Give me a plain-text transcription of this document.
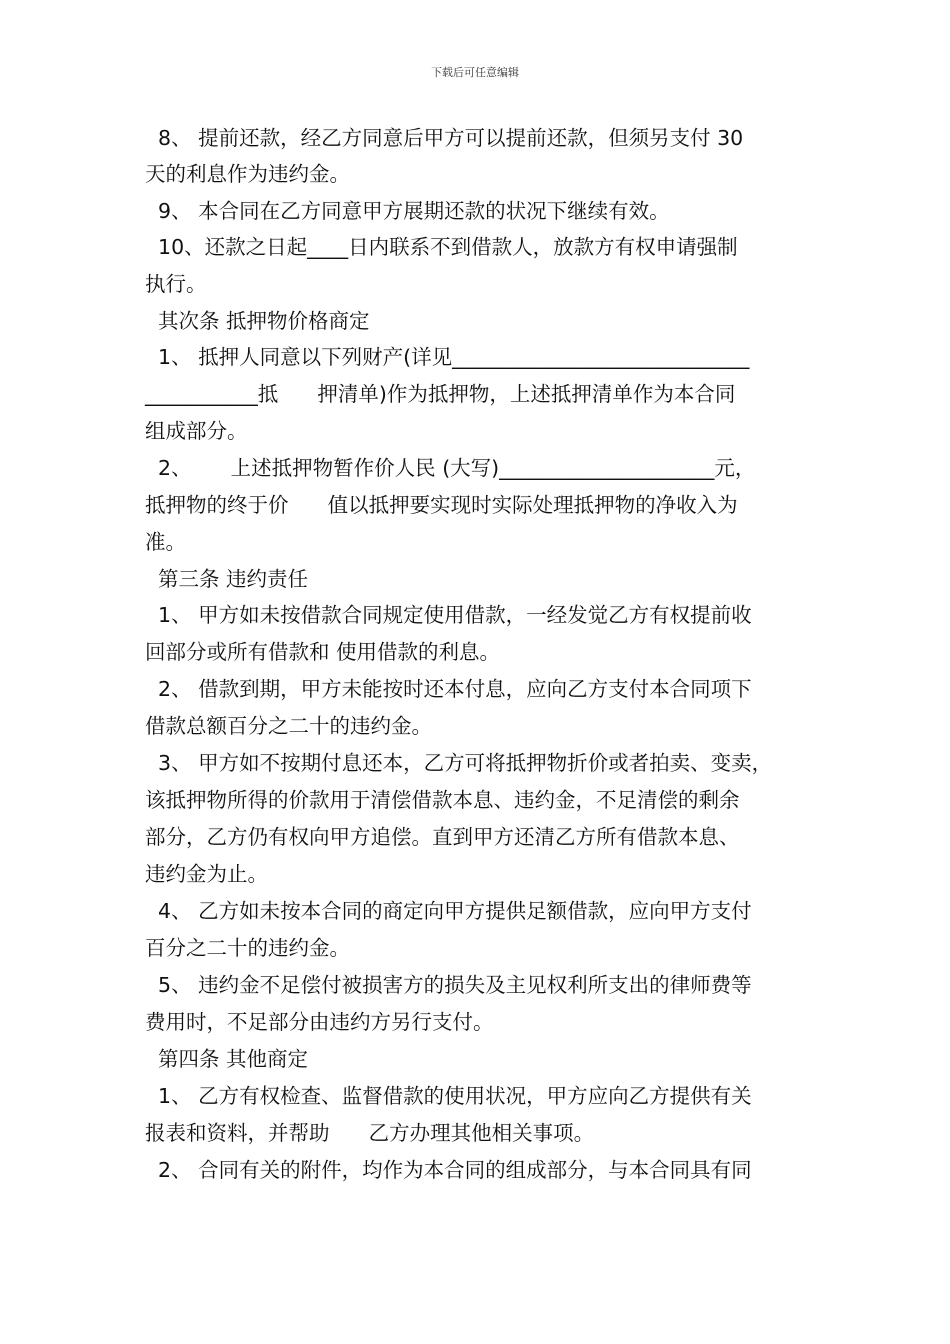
下载后可任意编辑
8、 提前还款，经乙方同意后甲方可以提前还款，但须另支付 30
天的利息作为违约金。
9、 本合同在乙方同意甲方展期还款的状况下继续有效。
10、还款之日起____日内联系不到借款人，放款方有权申请强制
执行。
其次条 抵押物价格商定
1、 抵押人同意以下列财产(详见_____________________________
___________抵      押清单)作为抵押物，上述抵押清单作为本合同
组成部分。
2、      上述抵押物暂作价人民 (大写)_____________________元，
抵押物的终于价      值以抵押要实现时实际处理抵押物的净收入为
准。
第三条 违约责任
1、 甲方如未按借款合同规定使用借款，一经发觉乙方有权提前收
回部分或所有借款和 使用借款的利息。
2、 借款到期，甲方未能按时还本付息，应向乙方支付本合同项下
借款总额百分之二十的违约金。
3、 甲方如不按期付息还本，乙方可将抵押物折价或者拍卖、变卖，
该抵押物所得的价款用于清偿借款本息、违约金，不足清偿的剩余
部分，乙方仍有权向甲方追偿。直到甲方还清乙方所有借款本息、
违约金为止。
4、 乙方如未按本合同的商定向甲方提供足额借款，应向甲方支付
百分之二十的违约金。
5、 违约金不足偿付被损害方的损失及主见权利所支出的律师费等
费用时，不足部分由违约方另行支付。
第四条 其他商定
1、 乙方有权检查、监督借款的使用状况，甲方应向乙方提供有关
报表和资料，并帮助      乙方办理其他相关事项。
2、 合同有关的附件，均作为本合同的组成部分，与本合同具有同
